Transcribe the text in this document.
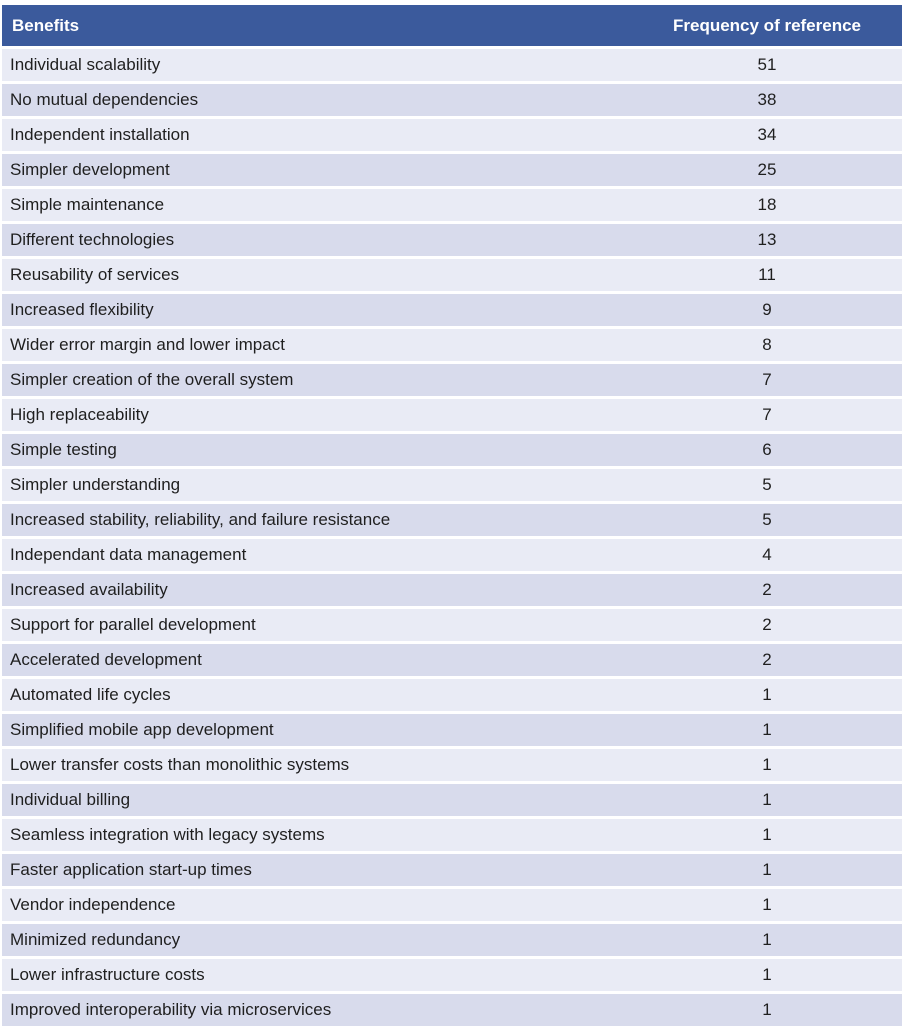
Benefits	Frequency of reference
Individual scalability	51
No mutual dependencies	38
Independent installation	34
Simpler development	25
Simple maintenance	18
Different technologies	13
Reusability of services	11
Increased flexibility	9
Wider error margin and lower impact	8
Simpler creation of the overall system	7
High replaceability	7
Simple testing	6
Simpler understanding	5
Increased stability, reliability, and failure resistance	5
Independant data management	4
Increased availability	2
Support for parallel development	2
Accelerated development	2
Automated life cycles	1
Simplified mobile app development	1
Lower transfer costs than monolithic systems	1
Individual billing	1
Seamless integration with legacy systems	1
Faster application start-up times	1
Vendor independence	1
Minimized redundancy	1
Lower infrastructure costs	1
Improved interoperability via microservices	1
